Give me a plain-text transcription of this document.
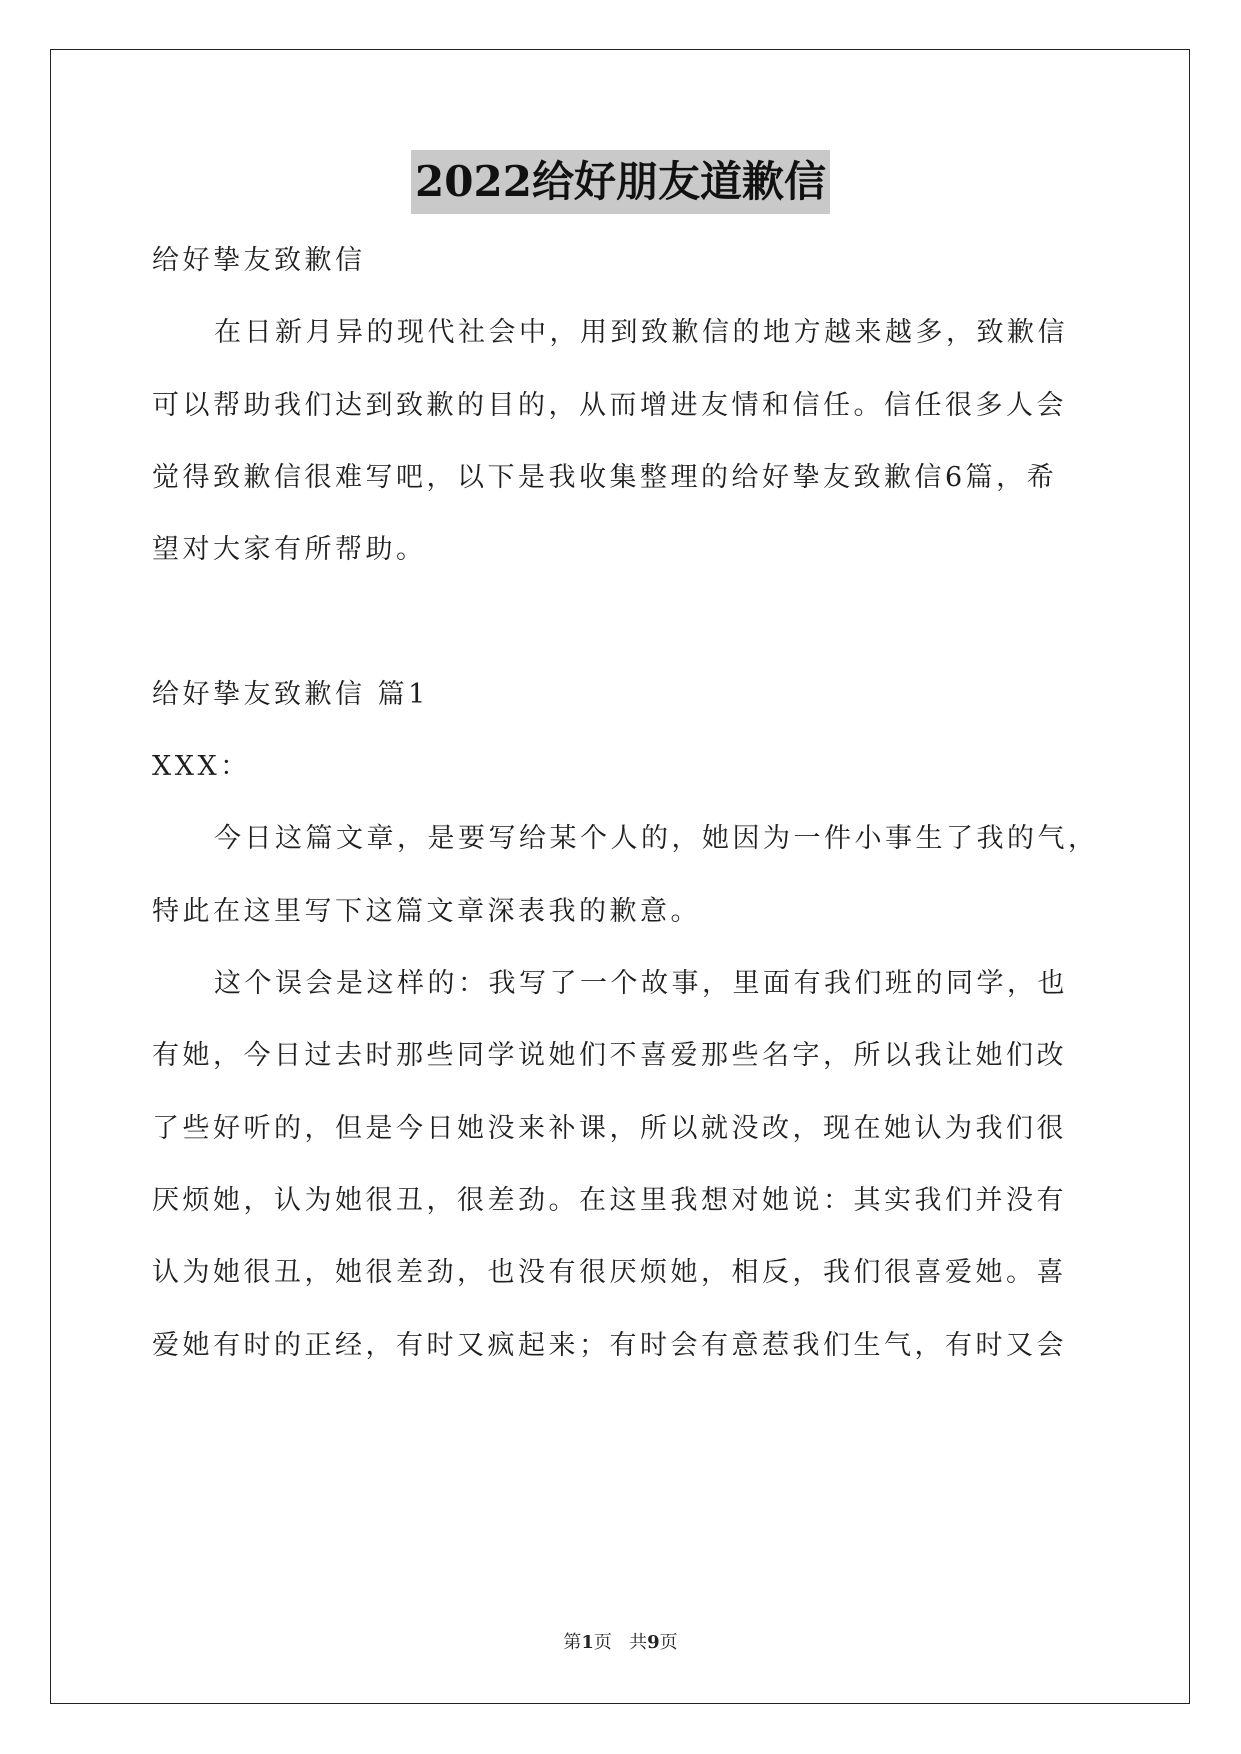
2022给好朋友道歉信
给好挚友致歉信
在日新月异的现代社会中，用到致歉信的地方越来越多，致歉信
可以帮助我们达到致歉的目的，从而增进友情和信任。信任很多人会
觉得致歉信很难写吧，以下是我收集整理的给好挚友致歉信6篇，希
望对大家有所帮助。
给好挚友致歉信 篇1
XXX：
今日这篇文章，是要写给某个人的，她因为一件小事生了我的气，
特此在这里写下这篇文章深表我的歉意。
这个误会是这样的：我写了一个故事，里面有我们班的同学，也
有她，今日过去时那些同学说她们不喜爱那些名字，所以我让她们改
了些好听的，但是今日她没来补课，所以就没改，现在她认为我们很
厌烦她，认为她很丑，很差劲。在这里我想对她说：其实我们并没有
认为她很丑，她很差劲，也没有很厌烦她，相反，我们很喜爱她。喜
爱她有时的正经，有时又疯起来；有时会有意惹我们生气，有时又会
第1页   共9页
